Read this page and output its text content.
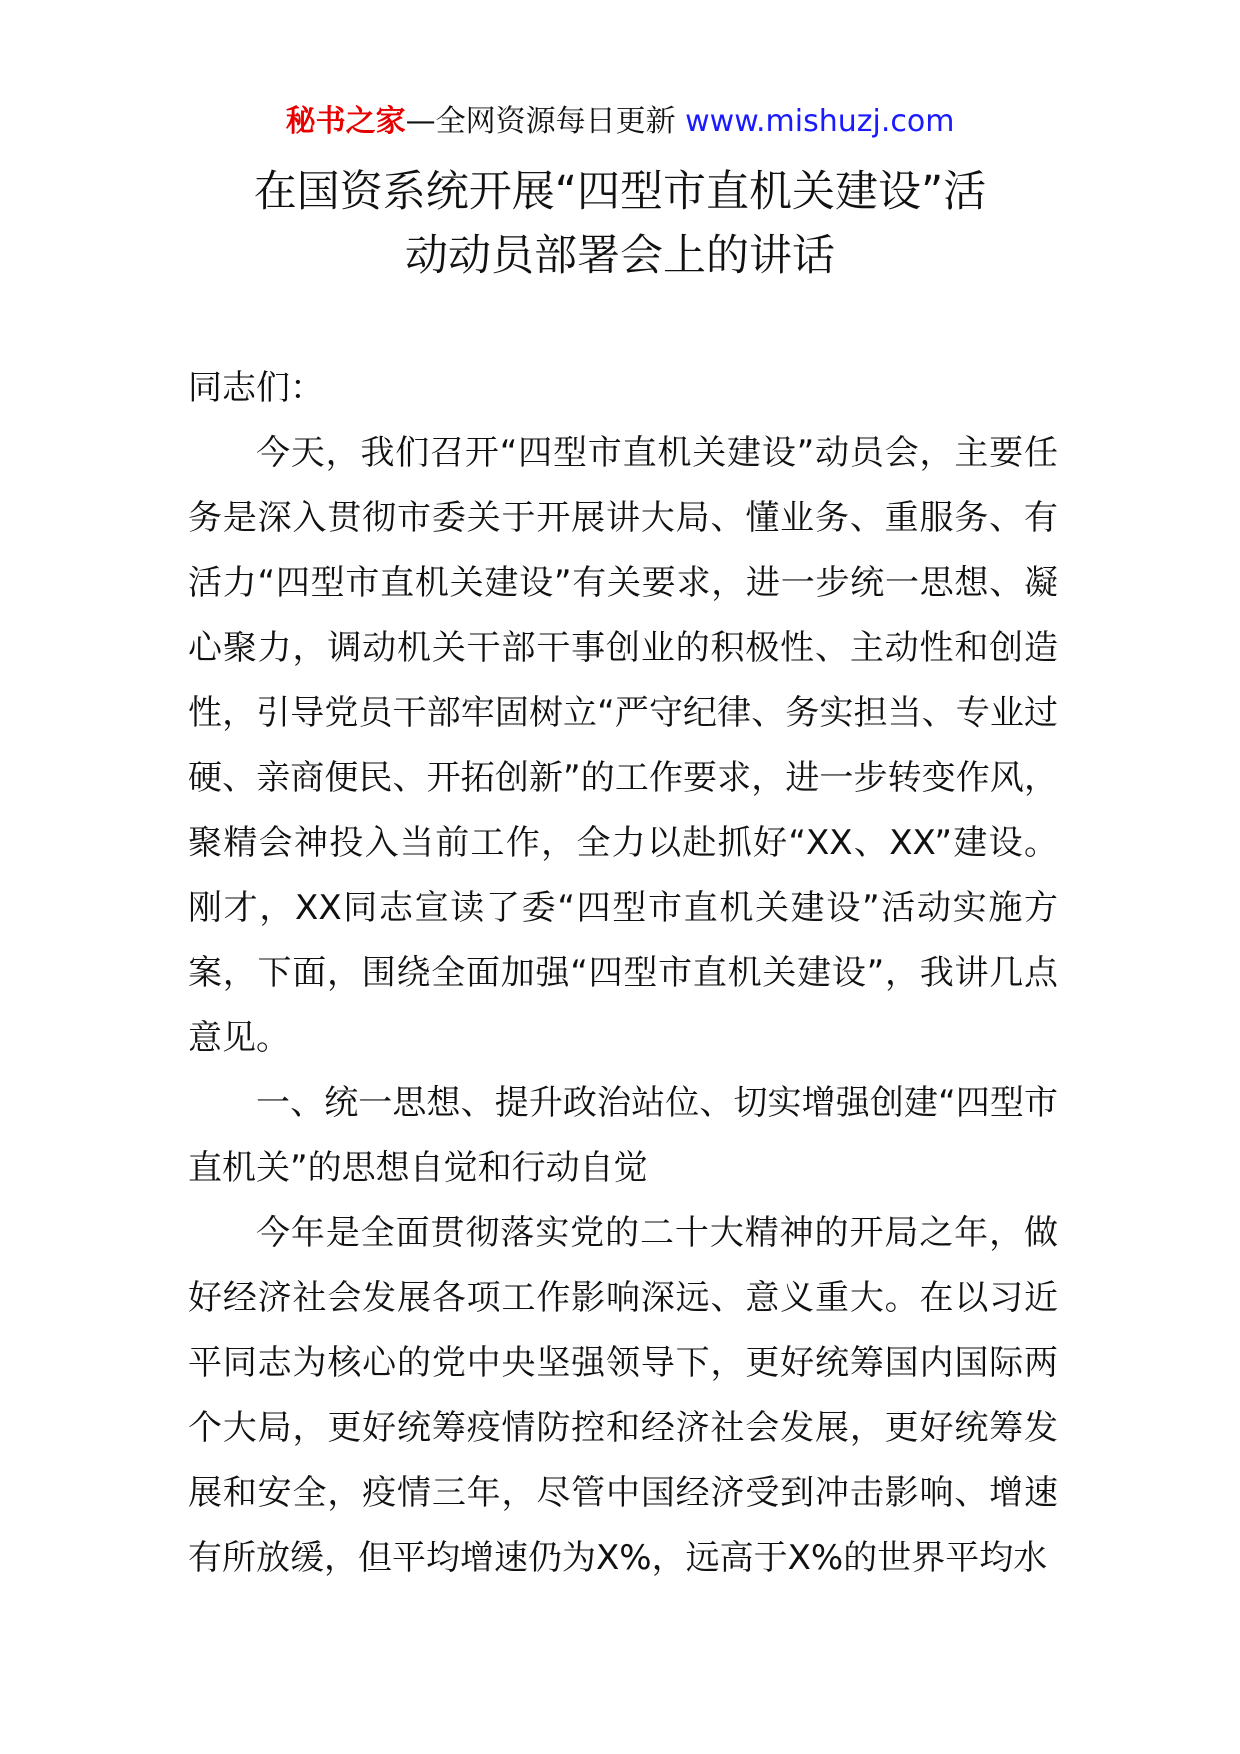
秘书之家—全网资源每日更新 www.mishuzj.com
在国资系统开展“四型市直机关建设”活
动动员部署会上的讲话

同志们：

今天，我们召开“四型市直机关建设”动员会，主要任务是深入贯彻市委关于开展讲大局、懂业务、重服务、有活力“四型市直机关建设”有关要求，进一步统一思想、凝心聚力，调动机关干部干事创业的积极性、主动性和创造性，引导党员干部牢固树立“严守纪律、务实担当、专业过硬、亲商便民、开拓创新”的工作要求，进一步转变作风，聚精会神投入当前工作，全力以赴抓好“XX、XX”建设。刚才，XX同志宣读了委“四型市直机关建设”活动实施方案，下面，围绕全面加强“四型市直机关建设”，我讲几点意见。

一、统一思想、提升政治站位、切实增强创建“四型市直机关”的思想自觉和行动自觉

今年是全面贯彻落实党的二十大精神的开局之年，做好经济社会发展各项工作影响深远、意义重大。在以习近平同志为核心的党中央坚强领导下，更好统筹国内国际两个大局，更好统筹疫情防控和经济社会发展，更好统筹发展和安全，疫情三年，尽管中国经济受到冲击影响、增速有所放缓，但平均增速仍为X%，远高于X%的世界平均水
